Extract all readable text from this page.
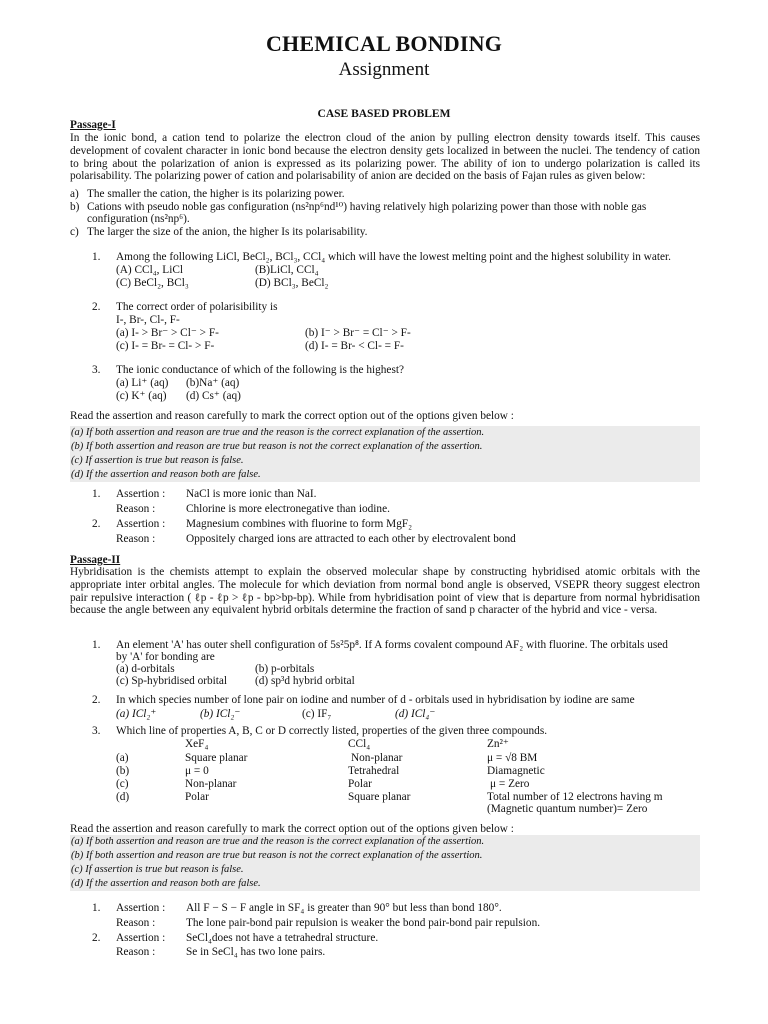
CHEMICAL BONDING
Assignment
CASE BASED PROBLEM
Passage-I
In the ionic bond, a cation tend to polarize the electron cloud of the anion by pulling electron density towards itself. This causes development of covalent character in ionic bond because the electron density gets localized in between the nuclei. The tendency of cation to bring about the polarization of anion is expressed as its polarizing power. The ability of ion to undergo polarization is called its polarisability. The polarizing power of cation and polarisability of anion are decided on the basis of Fajan rules as given below:
a) The smaller the cation, the higher is its polarizing power.
b) Cations with pseudo noble gas configuration (ns²np⁶nd¹⁰) having relatively high polarizing power than those with noble gas
configuration (ns²np⁶).
c) The larger the size of the anion, the higher Is its polarisability.
1. Among the following LiCl, BeCl₂, BCl₃, CCl₄ which will have the lowest melting point and the highest solubility in water.
(A) CCl₄, LiCl	(B)LiCl, CCl₄
(C) BeCl₂, BCl₃	(D) BCl₃, BeCl₂
2. The correct order of polarisibility is
I-, Br-, Cl-, F-
(a) I- > Br⁻ > Cl⁻ > F-	(b) I⁻ > Br⁻ = Cl⁻ > F-
(c) I- = Br- = Cl- > F-	(d) I- = Br- < Cl- = F-
3. The ionic conductance of which of the following is the highest?
(a) Li⁺ (aq) (b)Na⁺ (aq)
(c) K⁺ (aq) (d) Cs⁺ (aq)
Read the assertion and reason carefully to mark the correct option out of the options given below :
(a) If both assertion and reason are true and the reason is the correct explanation of the assertion.
(b) If both assertion and reason are true but reason is not the correct explanation of the assertion.
(c) If assertion is true but reason is false.
(d) If the assertion and reason both are false.
1. Assertion : NaCl is more ionic than NaI.
Reason :	Chlorine is more electronegative than iodine.
2. Assertion : Magnesium combines with fluorine to form MgF₂
Reason :	Oppositely charged ions are attracted to each other by electrovalent bond
Passage-II
Hybridisation is the chemists attempt to explain the observed molecular shape by constructing hybridised atomic orbitals with the appropriate inter orbital angles. The molecule for which deviation from normal bond angle is observed, VSEPR theory suggest electron pair repulsive interaction ( ℓp - ℓp > ℓp - bp>bp-bp). While from hybridisation point of view that is departure from normal hybridisation because the angle between any equivalent hybrid orbitals determine the fraction of sand p character of the hybrid and vice - versa.
1. An element 'A' has outer shell configuration of 5s²5p⁸. If A forms covalent compound AF₂ with fluorine. The orbitals used
by 'A' for bonding are
(a) d-orbitals	(b) p-orbitals
(c) Sp-hybridised orbital (d) sp³d hybrid orbital
2. In which species number of lone pair on iodine and number of d - orbitals used in hybridisation by iodine are same
(a) ICl₂⁺	(b) ICl₂⁻	(c) IF₇	(d) ICl₄⁻
3. Which line of properties A, B, C or D correctly listed, properties of the given three compounds.
XeF₄	CCl₄	Zn²⁺
(a)	Square planar	Non-planar	μ = √8 BM
(b)	μ = 0	Tetrahedral	Diamagnetic
(c)	Non-planar	Polar	μ = Zero
(d)	Polar	Square planar	Total number of 12 electrons having m
(Magnetic quantum number)= Zero
Read the assertion and reason carefully to mark the correct option out of the options given below :
(a) If both assertion and reason are true and the reason is the correct explanation of the assertion.
(b) If both assertion and reason are true but reason is not the correct explanation of the assertion.
(c) If assertion is true but reason is false.
(d) If the assertion and reason both are false.
1. Assertion : All F − S − F angle in SF₄ is greater than 90° but less than bond 180°.
Reason :	The lone pair-bond pair repulsion is weaker the bond pair-bond pair repulsion.
2. Assertion : SeCl₄does not have a tetrahedral structure.
Reason :	Se in SeCl₄ has two lone pairs.
